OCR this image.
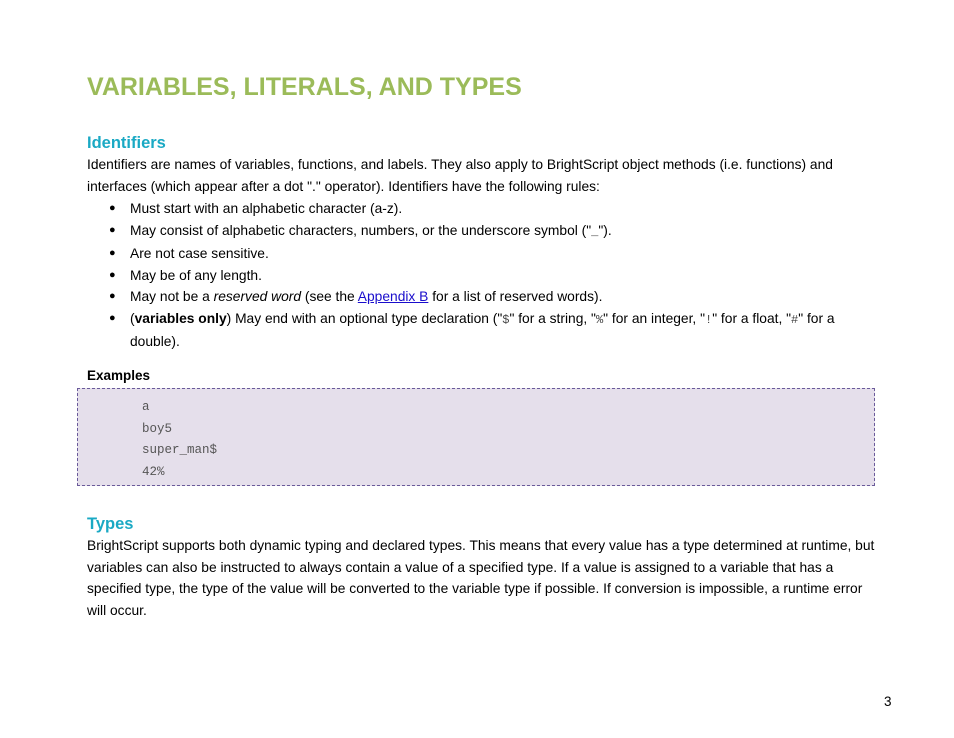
VARIABLES, LITERALS, AND TYPES
Identifiers

Identifiers are names of variables, functions, and labels. They also apply to BrightScript object methods (i.e. functions) and interfaces (which appear after a dot "." operator). Identifiers have the following rules:

● Must start with an alphabetic character (a-z).
● May consist of alphabetic characters, numbers, or the underscore symbol ("_").
● Are not case sensitive.
● May be of any length.
● May not be a reserved word (see the Appendix B for a list of reserved words).
● (variables only) May end with an optional type declaration ("$" for a string, "%" for an integer, "!" for a float, "#" for a double).

Examples

a
boy5
super_man$
42%
Types

BrightScript supports both dynamic typing and declared types. This means that every value has a type determined at runtime, but variables can also be instructed to always contain a value of a specified type. If a value is assigned to a variable that has a specified type, the type of the value will be converted to the variable type if possible. If conversion is impossible, a runtime error will occur.

3
